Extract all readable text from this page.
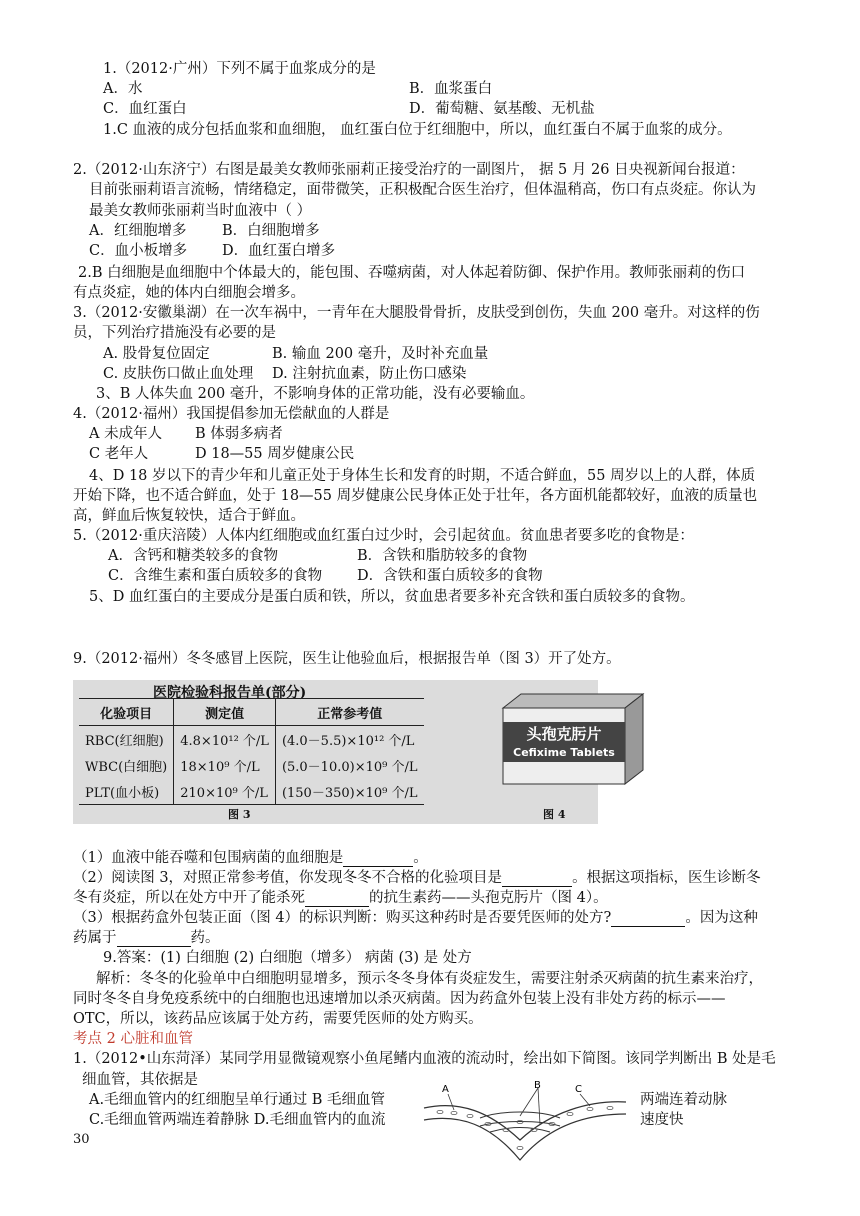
1.（2012·广州）下列不属于血浆成分的是
A．水	B．血浆蛋白
C．血红蛋白	D．葡萄糖、氨基酸、无机盐
1.C 血液的成分包括血浆和血细胞， 血红蛋白位于红细胞中，所以，血红蛋白不属于血浆的成分。
2.（2012·山东济宁）右图是最美女教师张丽莉正接受治疗的一副图片， 据 5 月 26 日央视新闻台报道：
目前张丽莉语言流畅，情绪稳定，面带微笑，正积极配合医生治疗，但体温稍高，伤口有点炎症。你认为
最美女教师张丽莉当时血液中（ ）
A．红细胞增多 B．白细胞增多
C．血小板增多 D．血红蛋白增多
2.B 白细胞是血细胞中个体最大的，能包围、吞噬病菌，对人体起着防御、保护作用。教师张丽莉的伤口
有点炎症，她的体内白细胞会增多。
3.（2012·安徽巢湖）在一次车祸中，一青年在大腿股骨骨折，皮肤受到创伤，失血 200 毫升。对这样的伤
员，下列治疗措施没有必要的是
A. 股骨复位固定	B. 输血 200 毫升，及时补充血量
C. 皮肤伤口做止血处理 D. 注射抗血素，防止伤口感染
3、B 人体失血 200 毫升，不影响身体的正常功能，没有必要输血。
4.（2012·福州）我国提倡参加无偿献血的人群是
A 未成年人 B 体弱多病者
C 老年人	D 18—55 周岁健康公民
4、D 18 岁以下的青少年和儿童正处于身体生长和发育的时期，不适合鲜血，55 周岁以上的人群，体质
开始下降，也不适合鲜血，处于 18—55 周岁健康公民身体正处于壮年，各方面机能都较好，血液的质量也
高，鲜血后恢复较快，适合于鲜血。
5.（2012·重庆涪陵）人体内红细胞或血红蛋白过少时，会引起贫血。贫血患者要多吃的食物是：
A．含钙和糖类较多的食物	B．含铁和脂肪较多的食物
C．含维生素和蛋白质较多的食物 D．含铁和蛋白质较多的食物
5、D 血红蛋白的主要成分是蛋白质和铁，所以，贫血患者要多补充含铁和蛋白质较多的食物。
9.（2012·福州）冬冬感冒上医院，医生让他验血后，根据报告单（图 3）开了处方。
医院检验科报告单(部分)
化验项目	测定值	正常参考值
RBC(红细胞)	4.8×10¹² 个/L	(4.0－5.5)×10¹² 个/L
WBC(白细胞)	18×10⁹ 个/L	(5.0－10.0)×10⁹ 个/L
PLT(血小板)	210×10⁹ 个/L	(150－350)×10⁹ 个/L
图 3
头孢克肟片
Cefixime Tablets
图 4
（1）血液中能吞噬和包围病菌的血细胞是	。
（2）阅读图 3，对照正常参考值，你发现冬冬不合格的化验项目是	。根据这项指标，医生诊断冬
冬有炎症，所以在处方中开了能杀死	的抗生素药——头孢克肟片（图 4）。
（3）根据药盒外包装正面（图 4）的标识判断：购买这种药时是否要凭医师的处方?	。因为这种
药属于	药。
9.答案：(1) 白细胞 (2) 白细胞（增多） 病菌 (3) 是 处方
解析：冬冬的化验单中白细胞明显增多，预示冬冬身体有炎症发生，需要注射杀灭病菌的抗生素来治疗，
同时冬冬自身免疫系统中的白细胞也迅速增加以杀灭病菌。因为药盒外包装上没有非处方药的标示——
OTC，所以，该药品应该属于处方药，需要凭医师的处方购买。
考点 2 心脏和血管
1.（2012•山东菏泽）某同学用显微镜观察小鱼尾鳍内血液的流动时，绘出如下简图。该同学判断出 B 处是毛
细血管，其依据是
A.毛细血管内的红细胞呈单行通过 B 毛细血管	两端连着动脉
C.毛细血管两端连着静脉 D.毛细血管内的血流	速度快
30
A	B	C
